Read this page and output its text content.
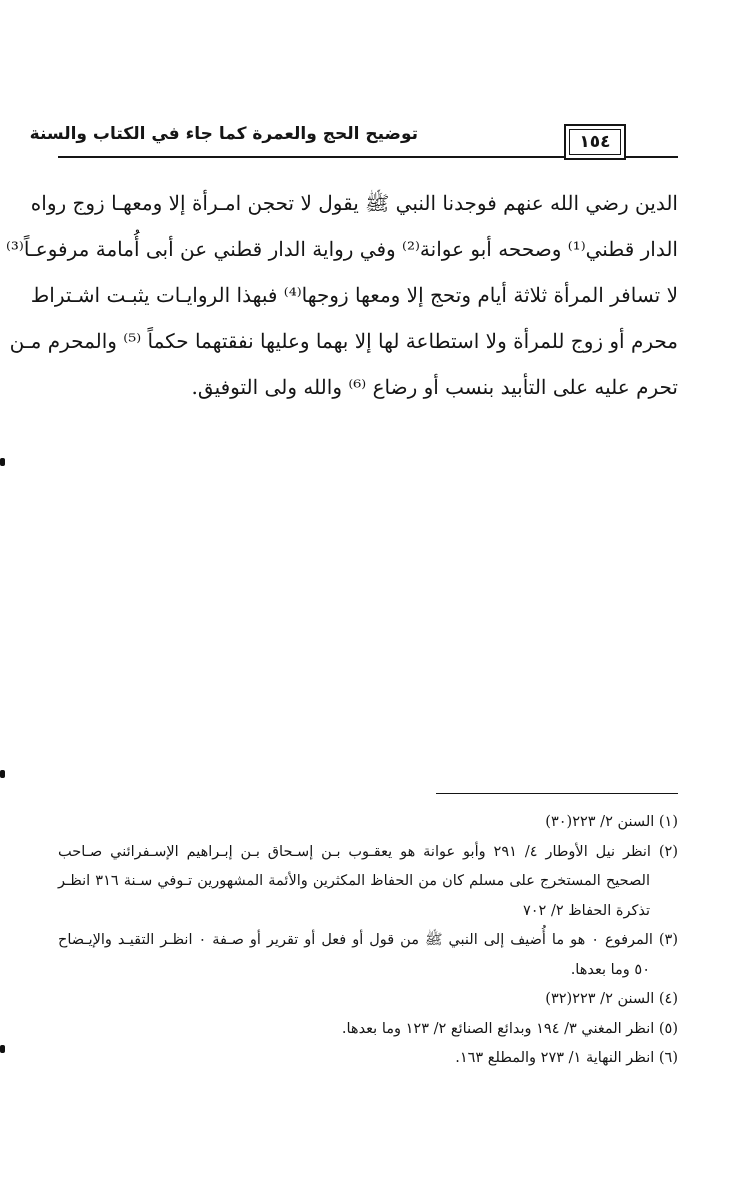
توضيح الحج والعمرة كما جاء في الكتاب والسنة	١٥٤
الدين رضي الله عنهم فوجدنا النبي ﷺ يقول لا تحجن امـرأة إلا ومعهـا زوج رواه
الدار قطني⁽¹⁾ وصححه أبو عوانة⁽²⁾ وفي رواية الدار قطني عن أبى أُمامة مرفوعـاً⁽³⁾
لا تسافر المرأة ثلاثة أيام وتحج إلا ومعها زوجها⁽⁴⁾ فبهذا الروايـات يثبـت اشـتراط
محرم أو زوج للمرأة ولا استطاعة لها إلا بهما وعليها نفقتهما حكماً ⁽⁵⁾ والمحرم مـن
تحرم عليه على التأبيد بنسب أو رضاع ⁽⁶⁾ والله ولى التوفيق.
(١) السنن ٢/ ٢٢٣(٣٠)
(٢) انظر نيل الأوطار ٤/ ٢٩١ وأبو عوانة هو يعقـوب بـن إسـحاق بـن إبـراهيم الإسـفرائني صـاحب
الصحيح المستخرج على مسلم كان من الحفاظ المكثرين والأئمة المشهورين تـوفي سـنة ٣١٦ انظـر
تذكرة الحفاظ ٢/ ٧٠٢
(٣) المرفوع ٠ هو ما أُضيف إلى النبي ﷺ من قول أو فعل أو تقرير أو صـفة ٠ انظـر التقيـد والإيـضاح
٥٠ وما بعدها.
(٤) السنن ٢/ ٢٢٣(٣٢)
(٥) انظر المغني ٣/ ١٩٤ وبدائع الصنائع ٢/ ١٢٣ وما بعدها.
(٦) انظر النهاية ١/ ٢٧٣ والمطلع ١٦٣.
